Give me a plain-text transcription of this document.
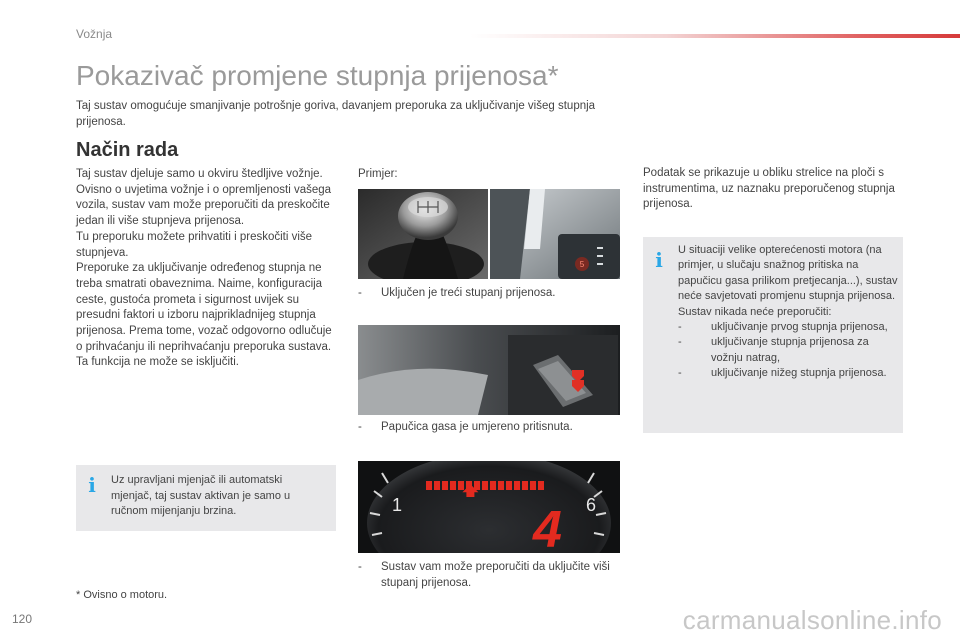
Vožnja
Pokazivač promjene stupnja prijenosa*
Taj sustav omogućuje smanjivanje potrošnje goriva, davanjem preporuka za uključivanje višeg stupnja prijenosa.
Način rada

Taj sustav djeluje samo u okviru štedljive vožnje.

Ovisno o uvjetima vožnje i o opremljenosti vašega vozila, sustav vam može preporučiti da preskočite jedan ili više stupnjeva prijenosa.

Tu preporuku možete prihvatiti i preskočiti više stupnjeva.

Preporuke za uključivanje određenog stupnja ne treba smatrati obaveznima. Naime, konfiguracija ceste, gustoća prometa i sigurnost uvijek su presudni faktori u izboru najprikladnijeg stupnja prijenosa. Prema tome, vozač odgovorno odlučuje o prihvaćanju ili neprihvaćanju preporuka sustava.

Ta funkcija ne može se isključiti.

i Uz upravljani mjenjač ili automatski mjenjač, taj sustav aktivan je samo u ručnom mijenjanju brzina.
* Ovisno o motoru.
120
Primjer:
5
- Uključen je treći stupanj prijenosa.
- Papučica gasa je umjereno pritisnuta.
1	6
4
- Sustav vam može preporučiti da uključite viši stupanj prijenosa.

Podatak se prikazuje u obliku strelice na ploči s instrumentima, uz naznaku preporučenog stupnja prijenosa.

i U situaciji velike opterećenosti motora (na primjer, u slučaju snažnog pritiska na papučicu gasa prilikom pretjecanja...), sustav neće savjetovati promjenu stupnja prijenosa.
Sustav nikada neće preporučiti:
-	uključivanje prvog stupnja prijenosa,
-	uključivanje stupnja prijenosa za vožnju natrag,
-	uključivanje nižeg stupnja prijenosa.
carmanualsonline.info
